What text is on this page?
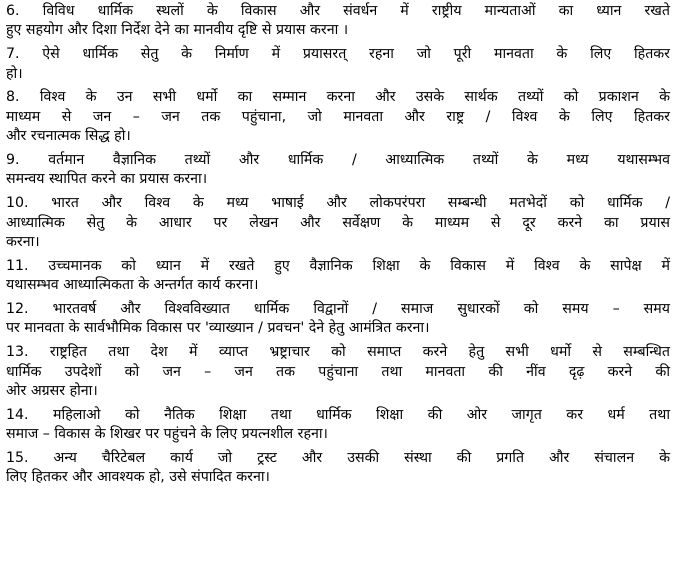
6. विविध धार्मिक स्थलों के विकास और संवर्धन में राष्ट्रीय मान्यताओं का ध्यान रखते
हुए सहयोग और दिशा निर्देश देने का मानवीय दृष्टि से प्रयास करना ।
7. ऐसे धार्मिक सेतु के निर्माण में प्रयासरत् रहना जो पूरी मानवता के लिए हितकर
हो।
8. विश्व के उन सभी धर्मो का सम्मान करना और उसके सार्थक तथ्यों को प्रकाशन के
माध्यम से जन – जन तक पहुंचाना, जो मानवता और राष्ट्र / विश्व के लिए हितकर
और रचनात्मक सिद्ध हो।
9. वर्तमान वैज्ञानिक तथ्यों और धार्मिक / आध्यात्मिक तथ्यों के मध्य यथासम्भव
समन्वय स्थापित करने का प्रयास करना।
10. भारत और विश्व के मध्य भाषाई और लोकपरंपरा सम्बन्धी मतभेदों को धार्मिक /
आध्यात्मिक सेतु के आधार पर लेखन और सर्वेक्षण के माध्यम से दूर करने का प्रयास
करना।
11. उच्चमानक को ध्यान में रखते हुए वैज्ञानिक शिक्षा के विकास में विश्व के सापेक्ष में
यथासम्भव आध्यात्मिकता के अन्तर्गत कार्य करना।
12. भारतवर्ष और विश्वविख्यात धार्मिक विद्वानों / समाज सुधारकों को समय – समय
पर मानवता के सार्वभौमिक विकास पर 'व्याख्यान / प्रवचन' देने हेतु आमंत्रित करना।
13. राष्ट्रहित तथा देश में व्याप्त भ्रष्ट्राचार को समाप्त करने हेतु सभी धर्मो से सम्बन्धित
धार्मिक उपदेशों को जन – जन तक पहुंचाना तथा मानवता की नींव दृढ़ करने की
ओर अग्रसर होना।
14. महिलाओ को नैतिक शिक्षा तथा धार्मिक शिक्षा की ओर जागृत कर धर्म तथा
समाज – विकास के शिखर पर पहुंचने के लिए प्रयत्नशील रहना।
15. अन्य चैरिटेबल कार्य जो ट्रस्ट और उसकी संस्था की प्रगति और संचालन के
लिए हितकर और आवश्यक हो, उसे संपादित करना।
